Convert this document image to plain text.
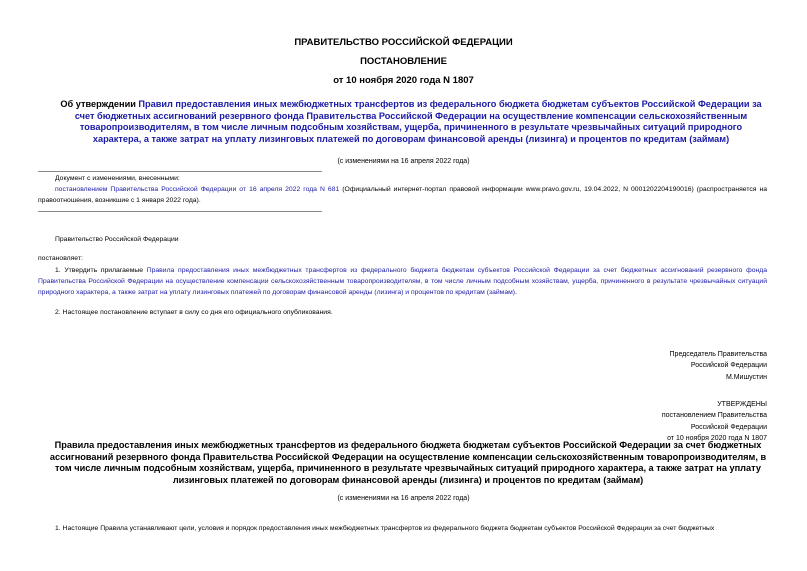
ПРАВИТЕЛЬСТВО РОССИЙСКОЙ ФЕДЕРАЦИИ
ПОСТАНОВЛЕНИЕ
от 10 ноября 2020 года N 1807
Об утверждении Правил предоставления иных межбюджетных трансфертов из федерального бюджета бюджетам субъектов Российской Федерации за счет бюджетных ассигнований резервного фонда Правительства Российской Федерации на осуществление компенсации сельскохозяйственным товаропроизводителям, в том числе личным подсобным хозяйствам, ущерба, причиненного в результате чрезвычайных ситуаций природного характера, а также затрат на уплату лизинговых платежей по договорам финансовой аренды (лизинга) и процентов по кредитам (займам)
(с изменениями на 16 апреля 2022 года)
Документ с изменениями, внесенными:
постановлением Правительства Российской Федерации от 16 апреля 2022 года N 681 (Официальный интернет-портал правовой информации www.pravo.gov.ru, 19.04.2022, N 0001202204190016) (распространяется на правоотношения, возникшие с 1 января 2022 года).
Правительство Российской Федерации
постановляет:
1. Утвердить прилагаемые Правила предоставления иных межбюджетных трансфертов из федерального бюджета бюджетам субъектов Российской Федерации за счет бюджетных ассигнований резервного фонда Правительства Российской Федерации на осуществление компенсации сельскохозяйственным товаропроизводителям, в том числе личным подсобным хозяйствам, ущерба, причиненного в результате чрезвычайных ситуаций природного характера, а также затрат на уплату лизинговых платежей по договорам финансовой аренды (лизинга) и процентов по кредитам (займам).
2. Настоящее постановление вступает в силу со дня его официального опубликования.
Председатель Правительства
Российской Федерации
М.Мишустин
УТВЕРЖДЕНЫ
постановлением Правительства
Российской Федерации
от 10 ноября 2020 года N 1807
Правила предоставления иных межбюджетных трансфертов из федерального бюджета бюджетам субъектов Российской Федерации за счет бюджетных ассигнований резервного фонда Правительства Российской Федерации на осуществление компенсации сельскохозяйственным товаропроизводителям, в том числе личным подсобным хозяйствам, ущерба, причиненного в результате чрезвычайных ситуаций природного характера, а также затрат на уплату лизинговых платежей по договорам финансовой аренды (лизинга) и процентов по кредитам (займам)
(с изменениями на 16 апреля 2022 года)
1. Настоящие Правила устанавливают цели, условия и порядок предоставления иных межбюджетных трансфертов из федерального бюджета бюджетам субъектов Российской Федерации за счет бюджетных
